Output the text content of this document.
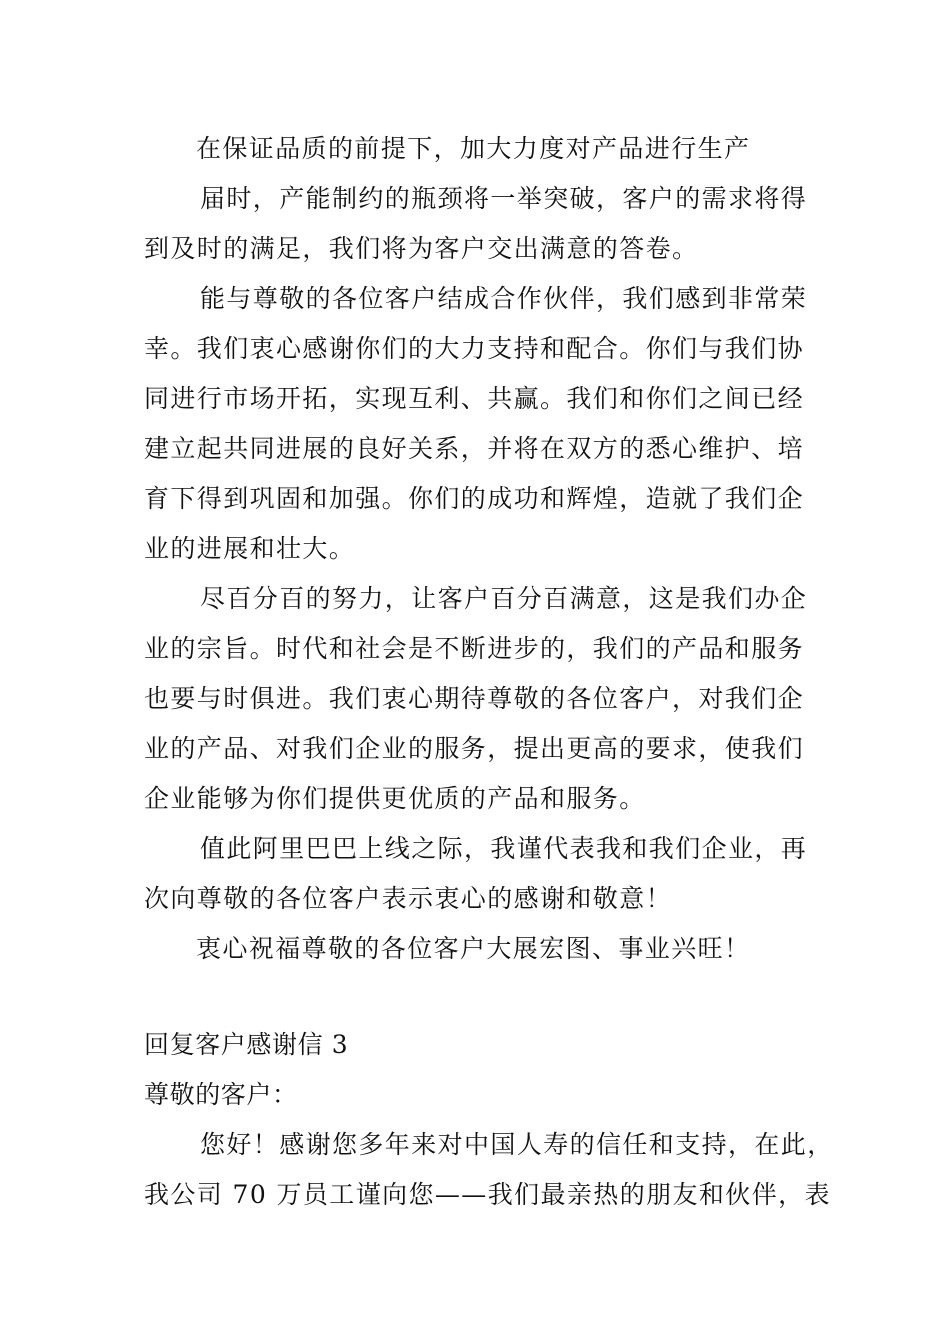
在保证品质的前提下，加大力度对产品进行生产
届时，产能制约的瓶颈将一举突破，客户的需求将得
到及时的满足，我们将为客户交出满意的答卷。
能与尊敬的各位客户结成合作伙伴，我们感到非常荣
幸。我们衷心感谢你们的大力支持和配合。你们与我们协
同进行市场开拓，实现互利、共赢。我们和你们之间已经
建立起共同进展的良好关系，并将在双方的悉心维护、培
育下得到巩固和加强。你们的成功和辉煌，造就了我们企
业的进展和壮大。
尽百分百的努力，让客户百分百满意，这是我们办企
业的宗旨。时代和社会是不断进步的，我们的产品和服务
也要与时俱进。我们衷心期待尊敬的各位客户，对我们企
业的产品、对我们企业的服务，提出更高的要求，使我们
企业能够为你们提供更优质的产品和服务。
值此阿里巴巴上线之际，我谨代表我和我们企业，再
次向尊敬的各位客户表示衷心的感谢和敬意！
衷心祝福尊敬的各位客户大展宏图、事业兴旺！
回复客户感谢信 3
尊敬的客户：
您好！感谢您多年来对中国人寿的信任和支持，在此，
我公司 70 万员工谨向您——我们最亲热的朋友和伙伴，表
